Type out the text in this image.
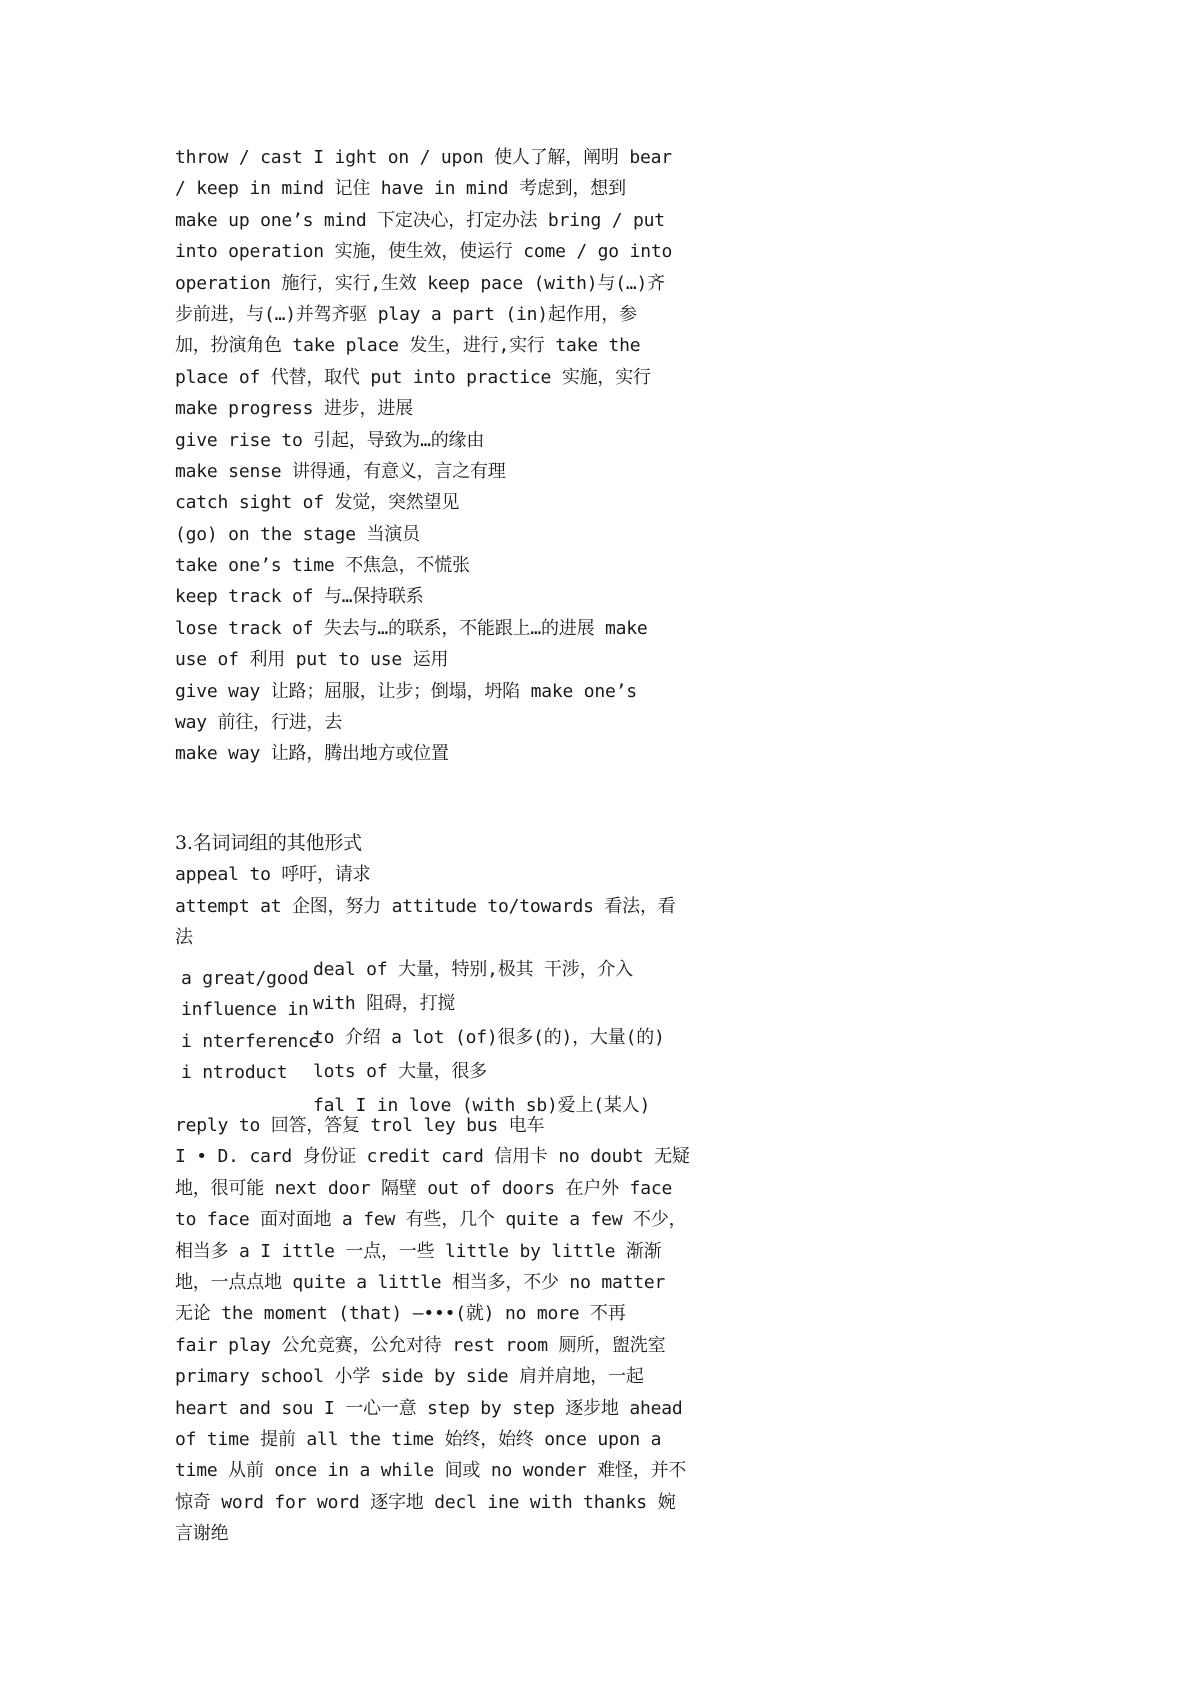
throw / cast I ight on / upon 使人了解，阐明 bear
/ keep in mind 记住 have in mind 考虑到，想到
make up one’s mind 下定决心，打定办法 bring / put
into operation 实施，使生效，使运行 come / go into
operation 施行，实行,生效 keep pace (with)与(…)齐
步前进，与(…)并驾齐驱 play a part (in)起作用，参
加，扮演角色 take place 发生，进行,实行 take the
place of 代替，取代 put into practice 实施，实行
make progress 进步，进展
give rise to 引起，导致为…的缘由
make sense 讲得通，有意义，言之有理
catch sight of 发觉，突然望见
(go) on the stage 当演员
take one’s time 不焦急，不慌张
keep track of 与…保持联系
lose track of 失去与…的联系，不能跟上…的进展 make
use of 利用 put to use 运用
give way 让路；屈服，让步；倒塌，坍陷 make one’s
way 前往，行进，去
make way 让路，腾出地方或位置
3.名词词组的其他形式
appeal to 呼吁，请求
attempt at 企图，努力 attitude to/towards 看法，看
法
a great/good
influence in
i nterference
i ntroduct
deal of 大量，特别,极其 干涉，介入
with 阻碍，打搅
to 介绍 a lot (of)很多(的)，大量(的)
lots of 大量，很多
fal I in love (with sb)爱上(某人)
reply to 回答，答复 trol ley bus 电车
I • D. card 身份证 credit card 信用卡 no doubt 无疑
地，很可能 next door 隔壁 out of doors 在户外 face
to face 面对面地 a few 有些，几个 quite a few 不少，
相当多 a I ittle 一点，一些 little by little 渐渐
地，一点点地 quite a little 相当多，不少 no matter
无论 the moment (that) —•••(就) no more 不再
fair play 公允竞赛，公允对待 rest room 厕所，盥洗室
primary school 小学 side by side 肩并肩地，一起
heart and sou I 一心一意 step by step 逐步地 ahead
of time 提前 all the time 始终，始终 once upon a
time 从前 once in a while 间或 no wonder 难怪，并不
惊奇 word for word 逐字地 decl ine with thanks 婉
言谢绝
